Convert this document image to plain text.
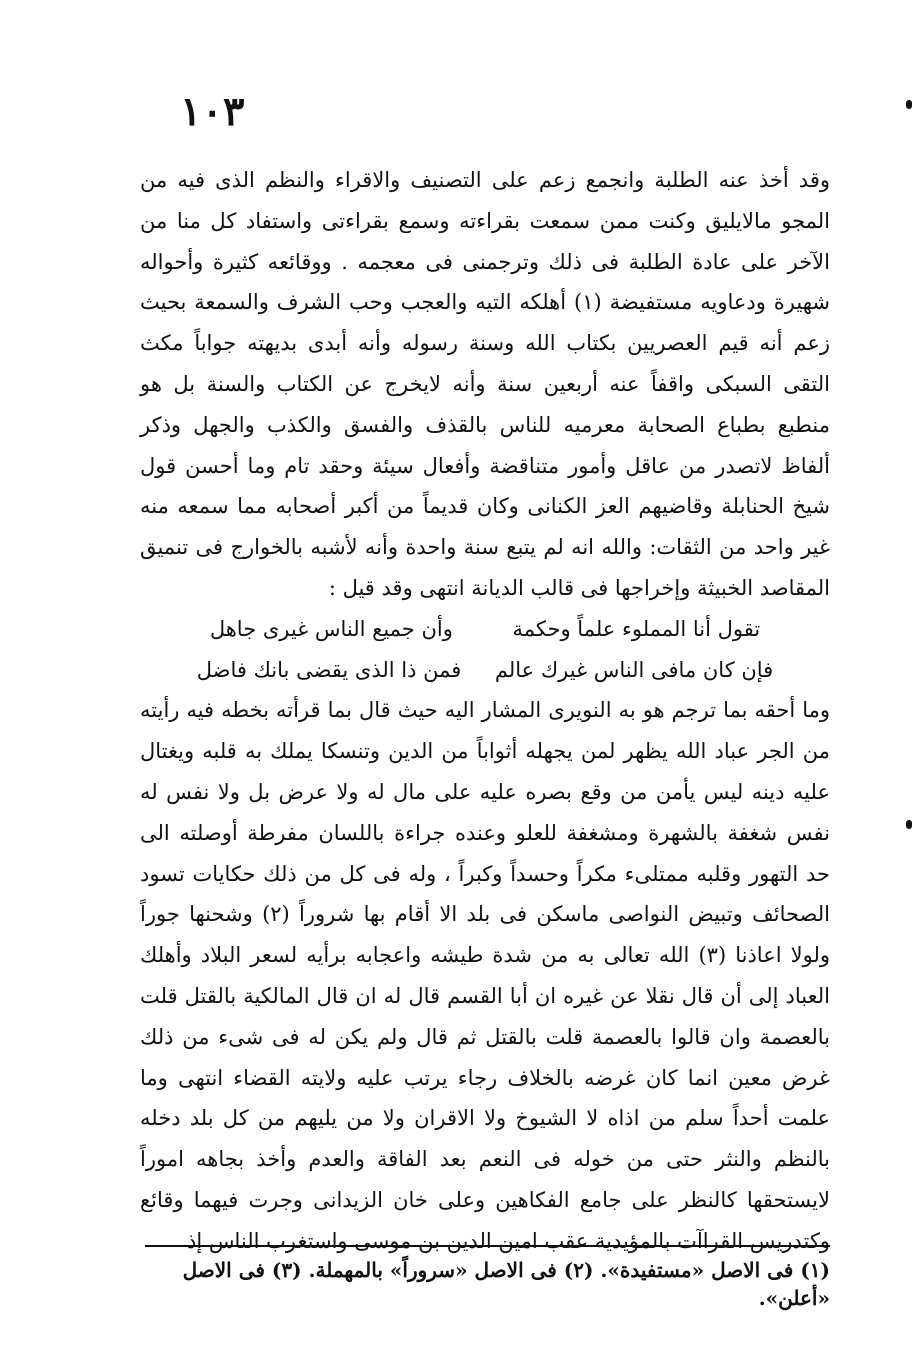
١٠٣

وقد أخذ عنه الطلبة وانجمع زعم على التصنيف والاقراء والنظم الذى فيه من المجو مالايليق وكنت ممن سمعت بقراءته وسمع بقراءتى واستفاد كل منا من الآخر على عادة الطلبة فى ذلك وترجمنى فى معجمه . ووقائعه كثيرة وأحواله شهيرة ودعاويه مستفيضة (١) أهلكه التيه والعجب وحب الشرف والسمعة بحيث زعم أنه قيم العصريين بكتاب الله وسنة رسوله وأنه أبدى بديهته جواباً مكث التقى السبكى واقفاً عنه أربعين سنة وأنه لايخرج عن الكتاب والسنة بل هو منطبع بطباع الصحابة معرميه للناس بالقذف والفسق والكذب والجهل وذكر ألفاظ لاتصدر من عاقل وأمور متناقضة وأفعال سيئة وحقد تام وما أحسن قول شيخ الحنابلة وقاضيهم العز الكنانى وكان قديماً من أكبر أصحابه مما سمعه منه غير واحد من الثقات: والله انه لم يتبع سنة واحدة وأنه لأشبه بالخوارج فى تنميق المقاصد الخبيثة وإخراجها فى قالب الديانة انتهى وقد قيل :

تقول أنا المملوء علماً وحكمة
وأن جميع الناس غيرى جاهل
فإن كان مافى الناس غيرك عالم
فمن ذا الذى يقضى بانك فاضل

وما أحقه بما ترجم هو به النويرى المشار اليه حيث قال بما قرأته بخطه فيه رأيته من الجر عباد الله يظهر لمن يجهله أثواباً من الدين وتنسكا يملك به قلبه ويغتال عليه دينه ليس يأمن من وقع بصره عليه على مال له ولا عرض بل ولا نفس له نفس شغفة بالشهرة ومشغفة للعلو وعنده جراءة باللسان مفرطة أوصلته الى حد التهور وقلبه ممتلىء مكراً وحسداً وكبراً ، وله فى كل من ذلك حكايات تسود الصحائف وتبيض النواصى ماسكن فى بلد الا أقام بها شروراً (٢) وشحنها جوراً ولولا اعاذنا (٣) الله تعالى به من شدة طيشه واعجابه برأيه لسعر البلاد وأهلك العباد إلى أن قال نقلا عن غيره ان أبا القسم قال له ان قال المالكية بالقتل قلت بالعصمة وان قالوا بالعصمة قلت بالقتل ثم قال ولم يكن له فى شىء من ذلك غرض معين انما كان غرضه بالخلاف رجاء يرتب عليه ولايته القضاء انتهى وما علمت أحداً سلم من اذاه لا الشيوخ ولا الاقران ولا من يليهم من كل بلد دخله بالنظم والنثر حتى من خوله فى النعم بعد الفاقة والعدم وأخذ بجاهه اموراً لايستحقها كالنظر على جامع الفكاهين وعلى خان الزيدانى وجرت فيهما وقائع وكتدريس القراآت بالمؤيدية عقب امين الدين بن موسى واستغرب الناس إذ

(١) فى الاصل «مستفيدة». (٢) فى الاصل «سروراً» بالمهملة. (٣) فى الاصل «أعلن».
